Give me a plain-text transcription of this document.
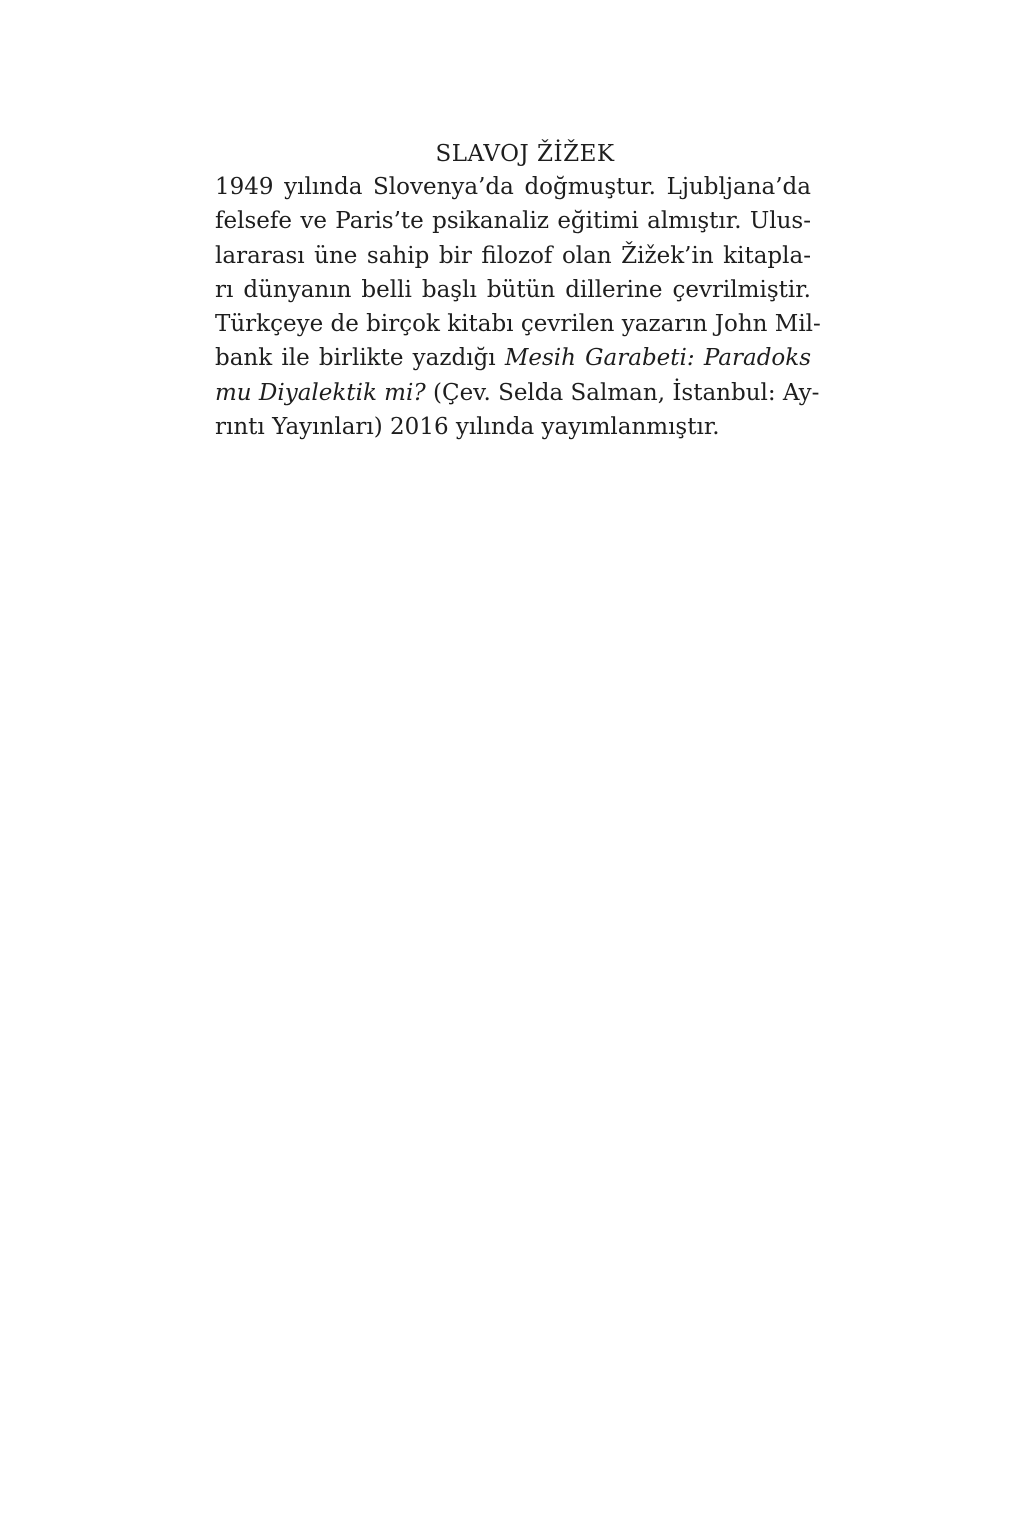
SLAVOJ ŽİŽEK
1949 yılında Slovenya’da doğmuştur. Ljubljana’da
felsefe ve Paris’te psikanaliz eğitimi almıştır. Ulus-
lararası üne sahip bir filozof olan Žižek’in kitapla-
rı dünyanın belli başlı bütün dillerine çevrilmiştir.
Türkçeye de birçok kitabı çevrilen yazarın John Mil-
bank ile birlikte yazdığı Mesih Garabeti: Paradoks
mu Diyalektik mi? (Çev. Selda Salman, İstanbul: Ay-
rıntı Yayınları) 2016 yılında yayımlanmıştır.
